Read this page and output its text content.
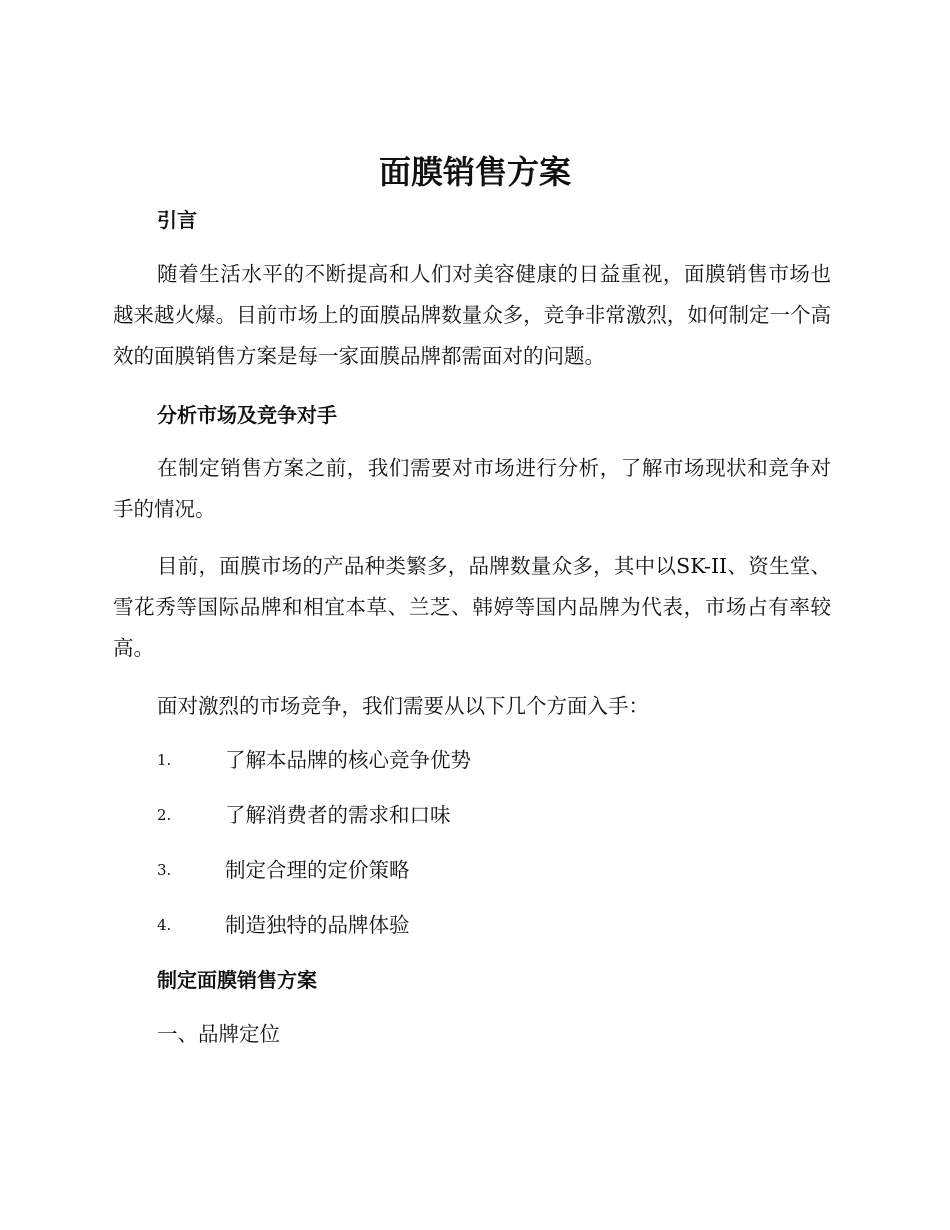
面膜销售方案
引言

随着生活水平的不断提高和人们对美容健康的日益重视，面膜销售市场也越来越火爆。目前市场上的面膜品牌数量众多，竞争非常激烈，如何制定一个高效的面膜销售方案是每一家面膜品牌都需面对的问题。

分析市场及竞争对手

在制定销售方案之前，我们需要对市场进行分析，了解市场现状和竞争对手的情况。

目前，面膜市场的产品种类繁多，品牌数量众多，其中以SK-II、资生堂、雪花秀等国际品牌和相宜本草、兰芝、韩婷等国内品牌为代表，市场占有率较高。

面对激烈的市场竞争，我们需要从以下几个方面入手：

1.	了解本品牌的核心竞争优势
2.	了解消费者的需求和口味
3.	制定合理的定价策略
4.	制造独特的品牌体验
制定面膜销售方案

一、品牌定位
